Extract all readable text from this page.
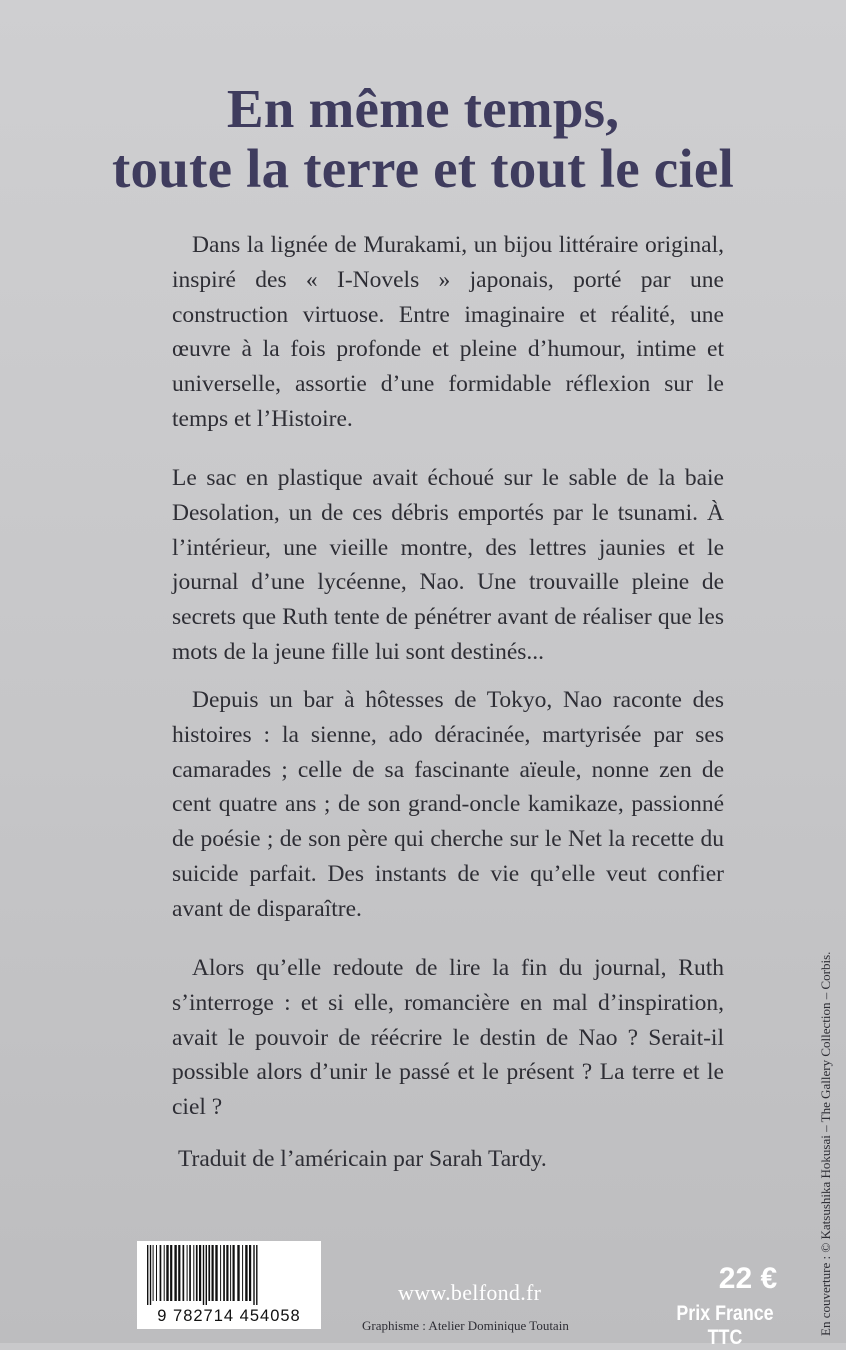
En même temps,
toute la terre et tout le ciel

Dans la lignée de Murakami, un bijou littéraire original, inspiré des « I-Novels » japonais, porté par une construction virtuose. Entre imaginaire et réalité, une œuvre à la fois profonde et pleine d’humour, intime et universelle, assortie d’une formidable réflexion sur le temps et l’Histoire.

Le sac en plastique avait échoué sur le sable de la baie Desolation, un de ces débris emportés par le tsunami. À l’intérieur, une vieille montre, des lettres jaunies et le journal d’une lycéenne, Nao. Une trouvaille pleine de secrets que Ruth tente de pénétrer avant de réaliser que les mots de la jeune fille lui sont destinés...

Depuis un bar à hôtesses de Tokyo, Nao raconte des histoires : la sienne, ado déracinée, martyrisée par ses camarades ; celle de sa fascinante aïeule, nonne zen de cent quatre ans ; de son grand-oncle kamikaze, passionné de poésie ; de son père qui cherche sur le Net la recette du suicide parfait. Des instants de vie qu’elle veut confier avant de disparaître.

Alors qu’elle redoute de lire la fin du journal, Ruth s’interroge : et si elle, romancière en mal d’inspiration, avait le pouvoir de réécrire le destin de Nao ? Serait-il possible alors d’unir le passé et le présent ? La terre et le ciel ?

Traduit de l’américain par Sarah Tardy.	En couverture : © Katsushika Hokusai – The Gallery Collection – Corbis.
9 782714 454058
www.belfond.fr
Graphisme : Atelier Dominique Toutain
22 €
Prix France TTC
